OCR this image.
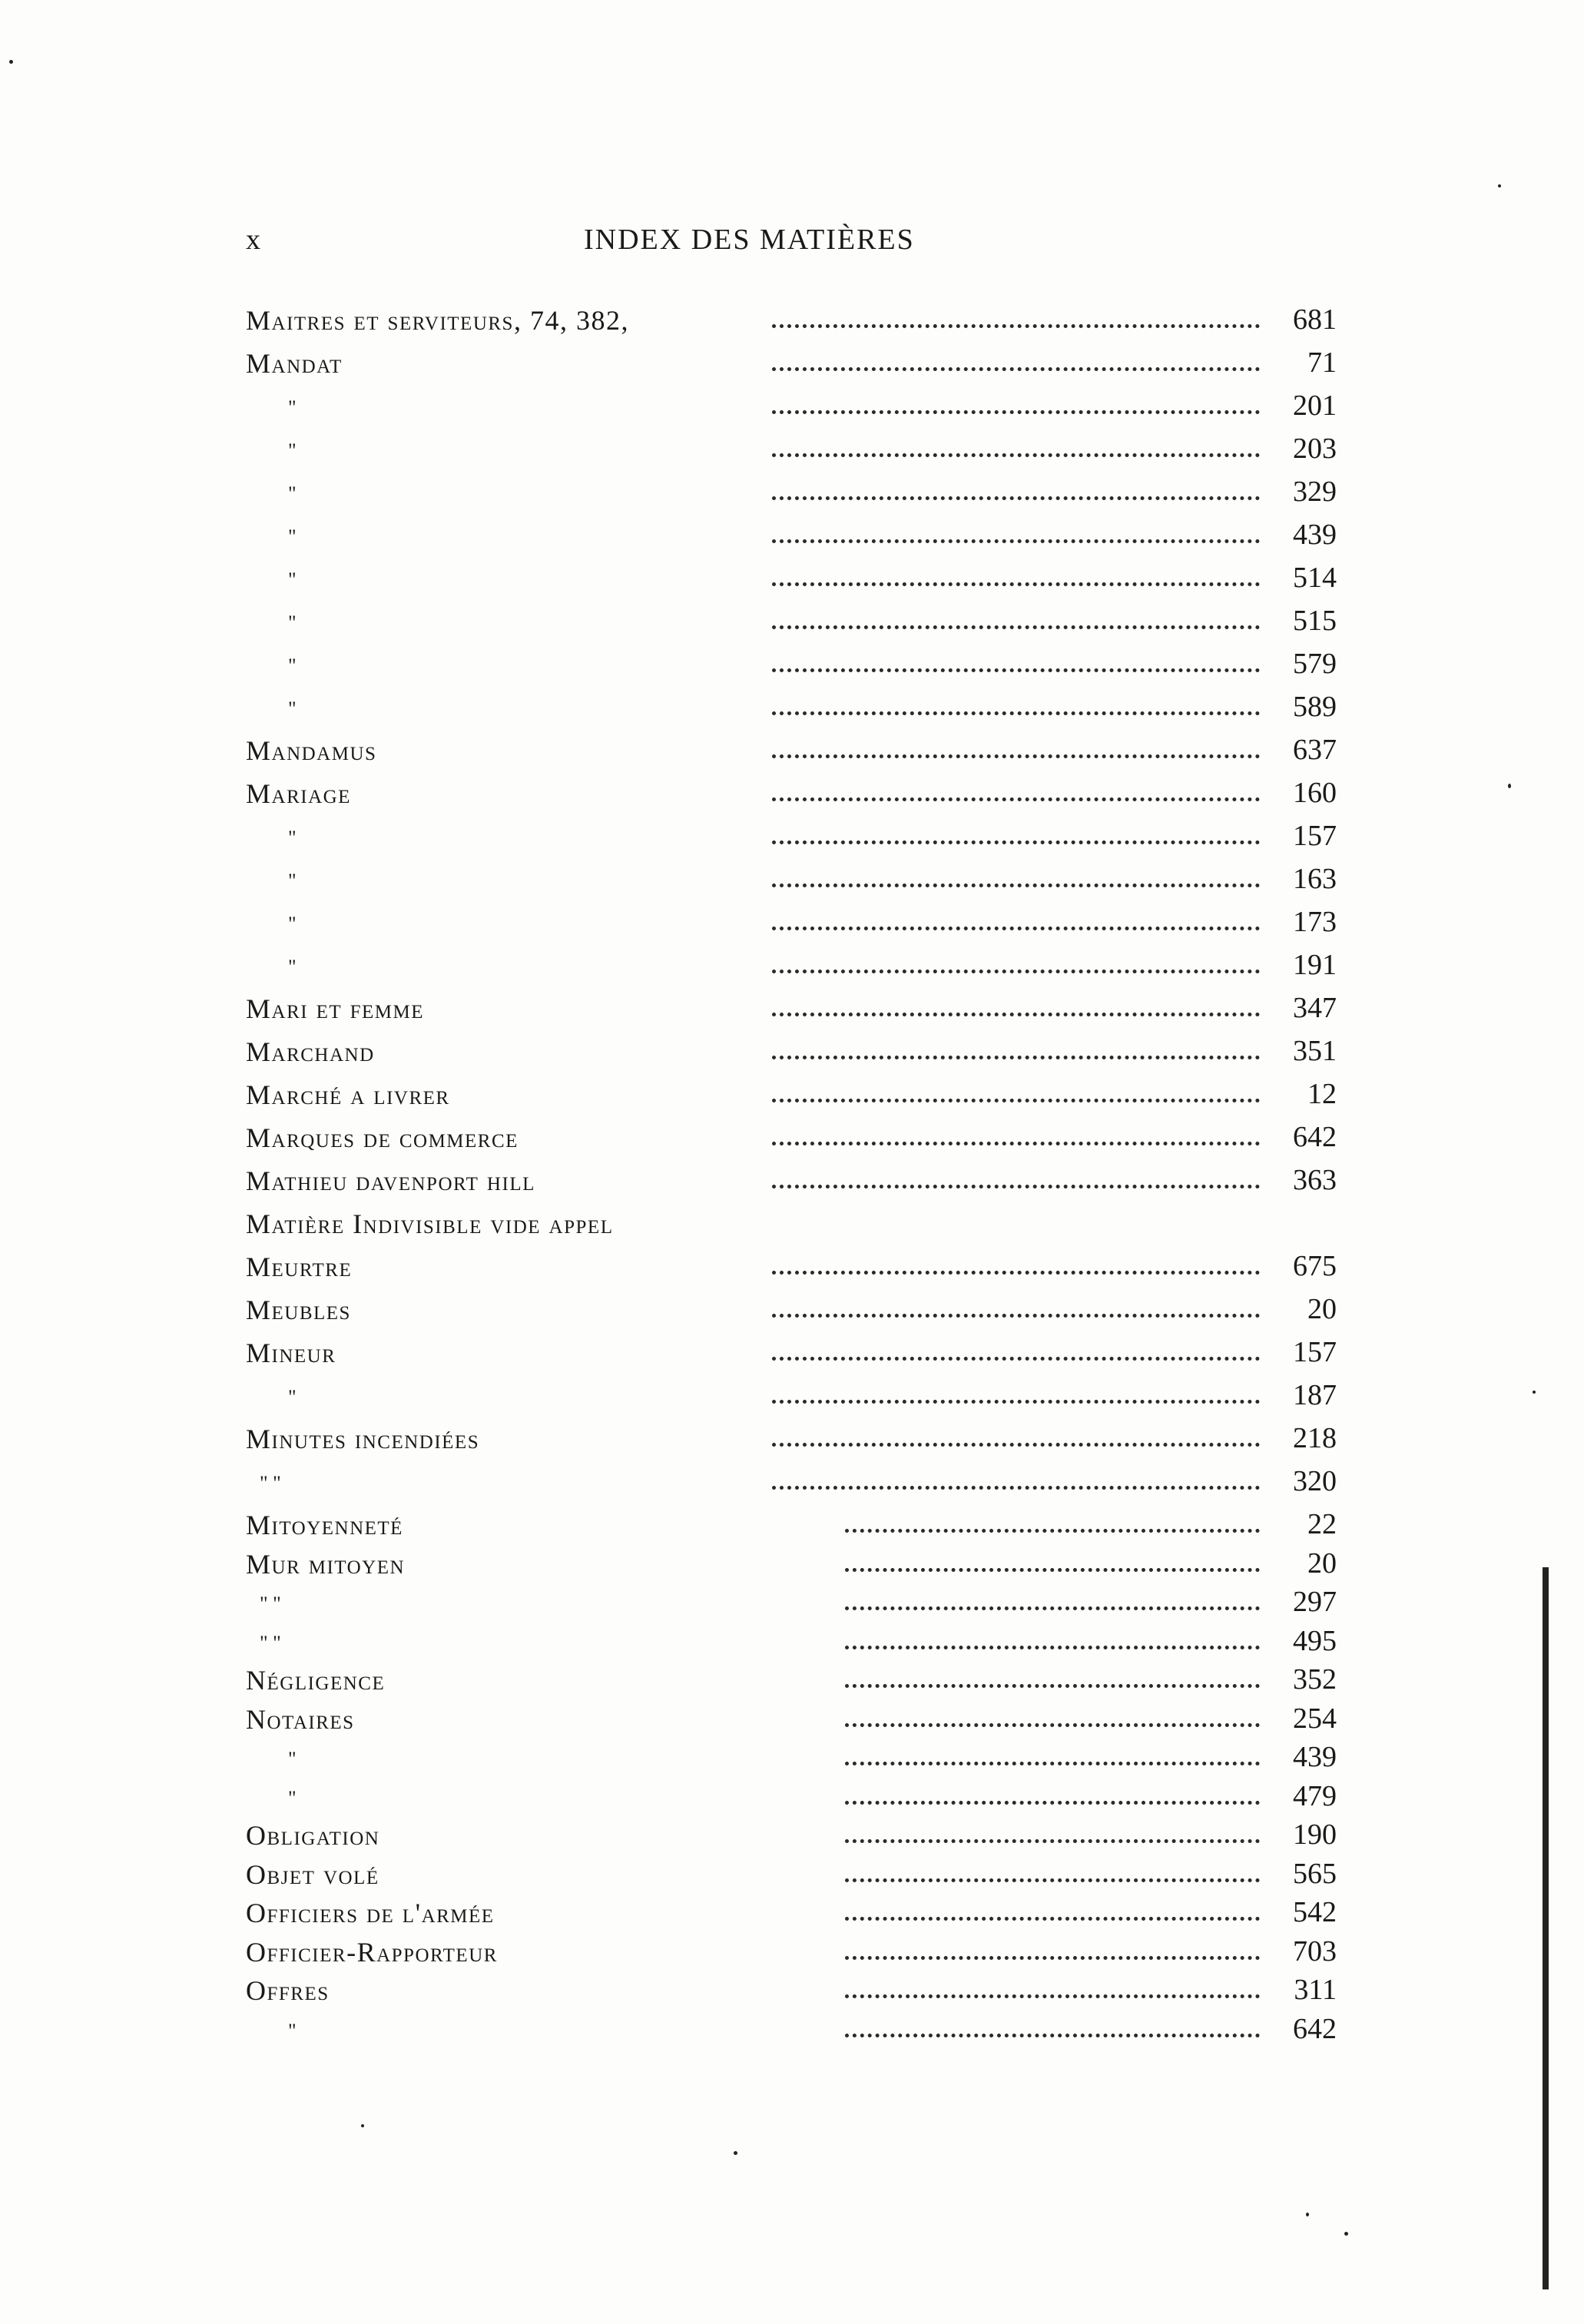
x	INDEX DES MATIÈRES
Maitres et serviteurs, 74, 382,	681
Mandat	71
"	201
"	203
"	329
"	439
"	514
"	515
"	579
"	589
Mandamus	637
Mariage	160
"	157
"	163
"	173
"	191
Mari et femme	347
Marchand	351
Marché a livrer	12
Marques de commerce	642
Mathieu davenport hill	363
Matière Indivisible vide appel
Meurtre	675
Meubles	20
Mineur	157
"	187
Minutes incendiées	218
" "	320
Mitoyenneté	22
Mur mitoyen	20
" "	297
" "	495
Négligence	352
Notaires	254
"	439
"	479
Obligation	190
Objet volé	565
Officiers de l'armée	542
Officier-Rapporteur	703
Offres	311
"	642
